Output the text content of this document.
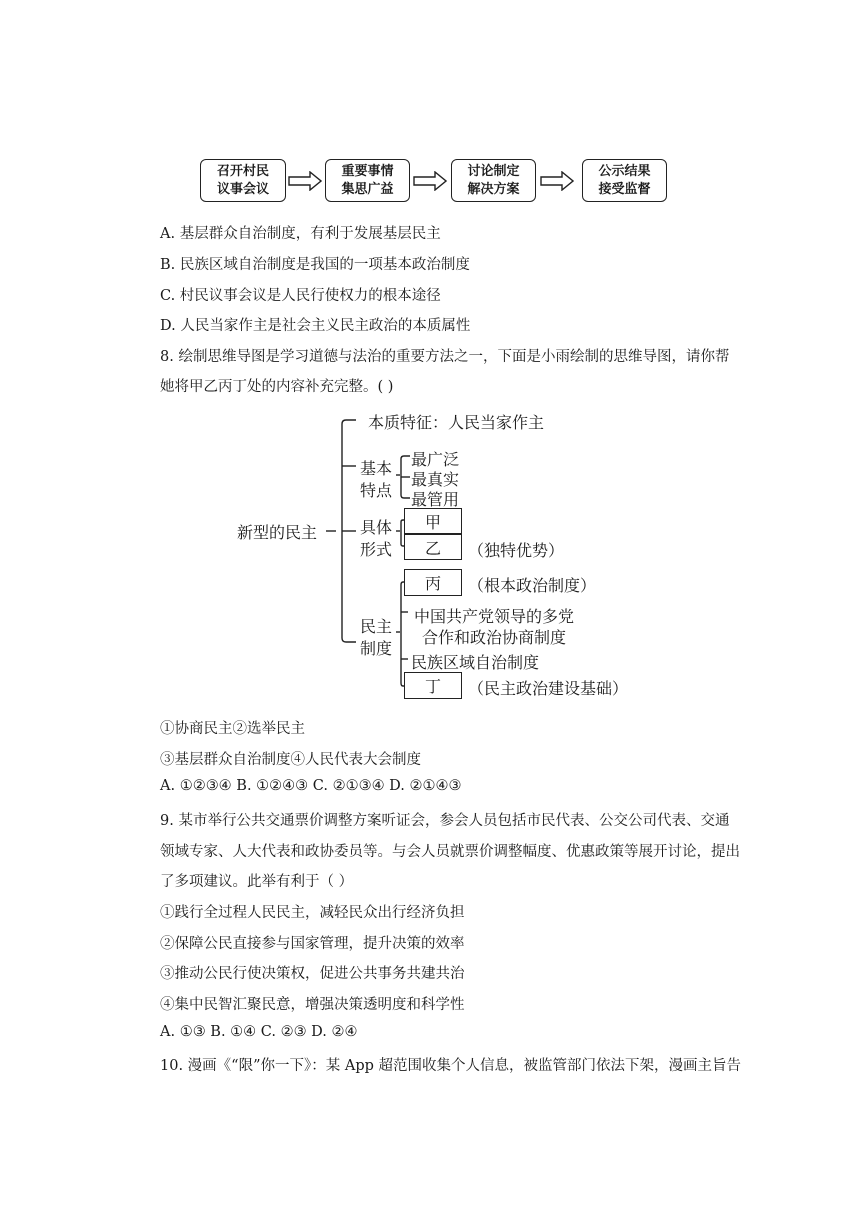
召开村民
议事会议
重要事情
集思广益
讨论制定
解决方案
公示结果
接受监督
A. 基层群众自治制度，有利于发展基层民主
B. 民族区域自治制度是我国的一项基本政治制度
C. 村民议事会议是人民行使权力的根本途径
D. 人民当家作主是社会主义民主政治的本质属性
8. 绘制思维导图是学习道德与法治的重要方法之一，下面是小雨绘制的思维导图，请你帮
她将甲乙丙丁处的内容补充完整。( )
新型的民主
本质特征：人民当家作主
基本
特点
最广泛
最真实
最管用
具体
形式
甲
乙	（独特优势）
民主
制度
丙	（根本政治制度）
中国共产党领导的多党
合作和政治协商制度
民族区域自治制度
丁	（民主政治建设基础）
①协商民主②选举民主
③基层群众自治制度④人民代表大会制度
A. ①②③④ B. ①②④③ C. ②①③④ D. ②①④③
9. 某市举行公共交通票价调整方案听证会，参会人员包括市民代表、公交公司代表、交通
领域专家、人大代表和政协委员等。与会人员就票价调整幅度、优惠政策等展开讨论，提出
了多项建议。此举有利于（ ）
①践行全过程人民民主，减轻民众出行经济负担
②保障公民直接参与国家管理，提升决策的效率
③推动公民行使决策权，促进公共事务共建共治
④集中民智汇聚民意，增强决策透明度和科学性
A. ①③ B. ①④ C. ②③ D. ②④
10. 漫画《“限”你一下》：某 App 超范围收集个人信息，被监管部门依法下架，漫画主旨告
